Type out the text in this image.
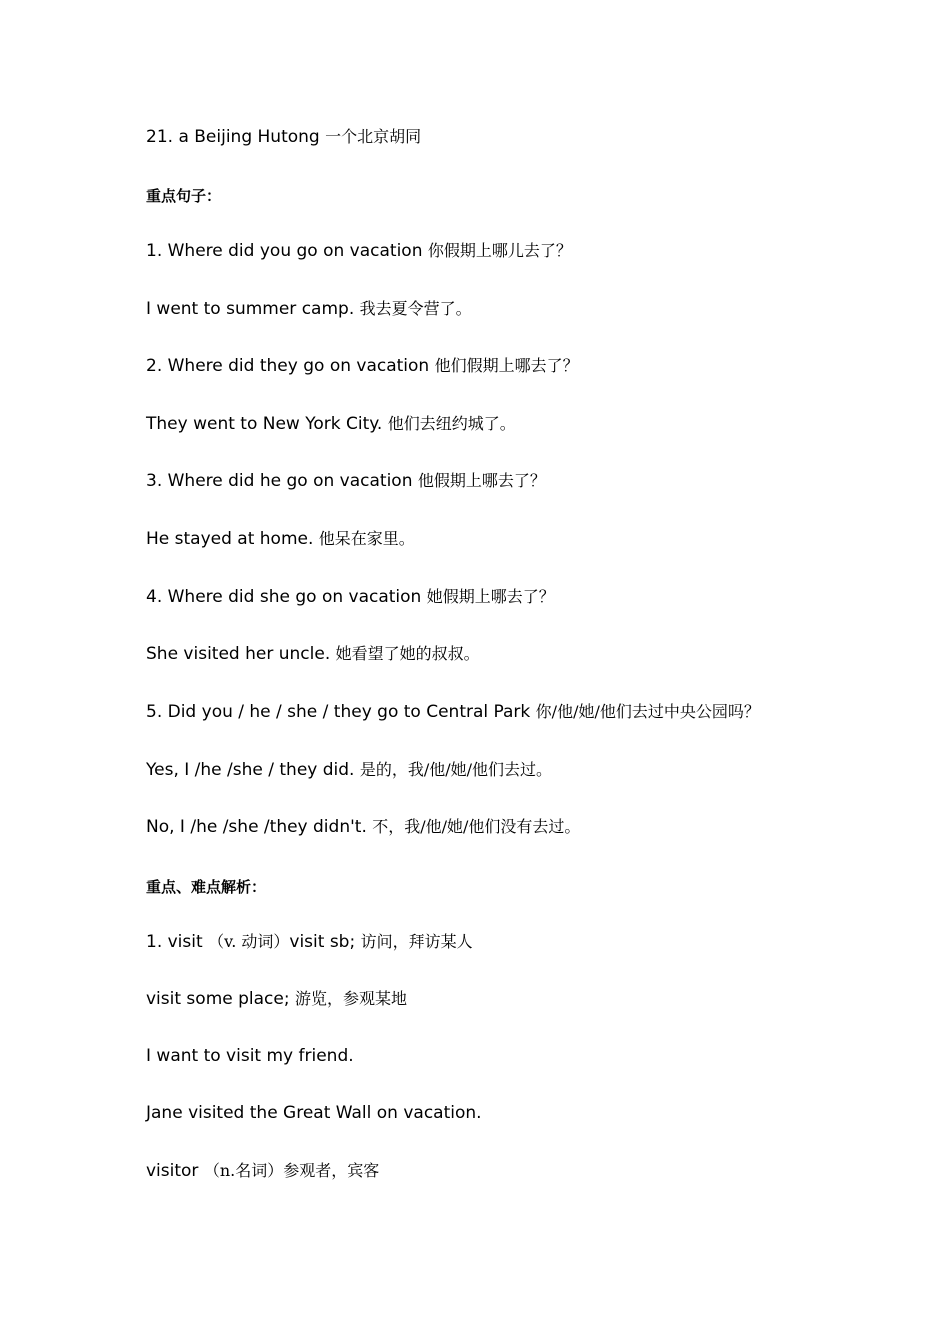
21. a Beijing Hutong 一个北京胡同
重点句子：
1. Where did you go on vacation 你假期上哪儿去了？
I went to summer camp. 我去夏令营了。
2. Where did they go on vacation 他们假期上哪去了？
They went to New York City. 他们去纽约城了。
3. Where did he go on vacation 他假期上哪去了？
He stayed at home. 他呆在家里。
4. Where did she go on vacation 她假期上哪去了？
She visited her uncle. 她看望了她的叔叔。
5. Did you / he / she / they go to Central Park 你/他/她/他们去过中央公园吗？
Yes, I /he /she / they did. 是的，我/他/她/他们去过。
No, I /he /she /they didn't. 不，我/他/她/他们没有去过。
重点、难点解析：
1. visit （v. 动词）visit sb; 访问，拜访某人
visit some place; 游览，参观某地
I want to visit my friend.
Jane visited the Great Wall on vacation.
visitor （n.名词）参观者，宾客
